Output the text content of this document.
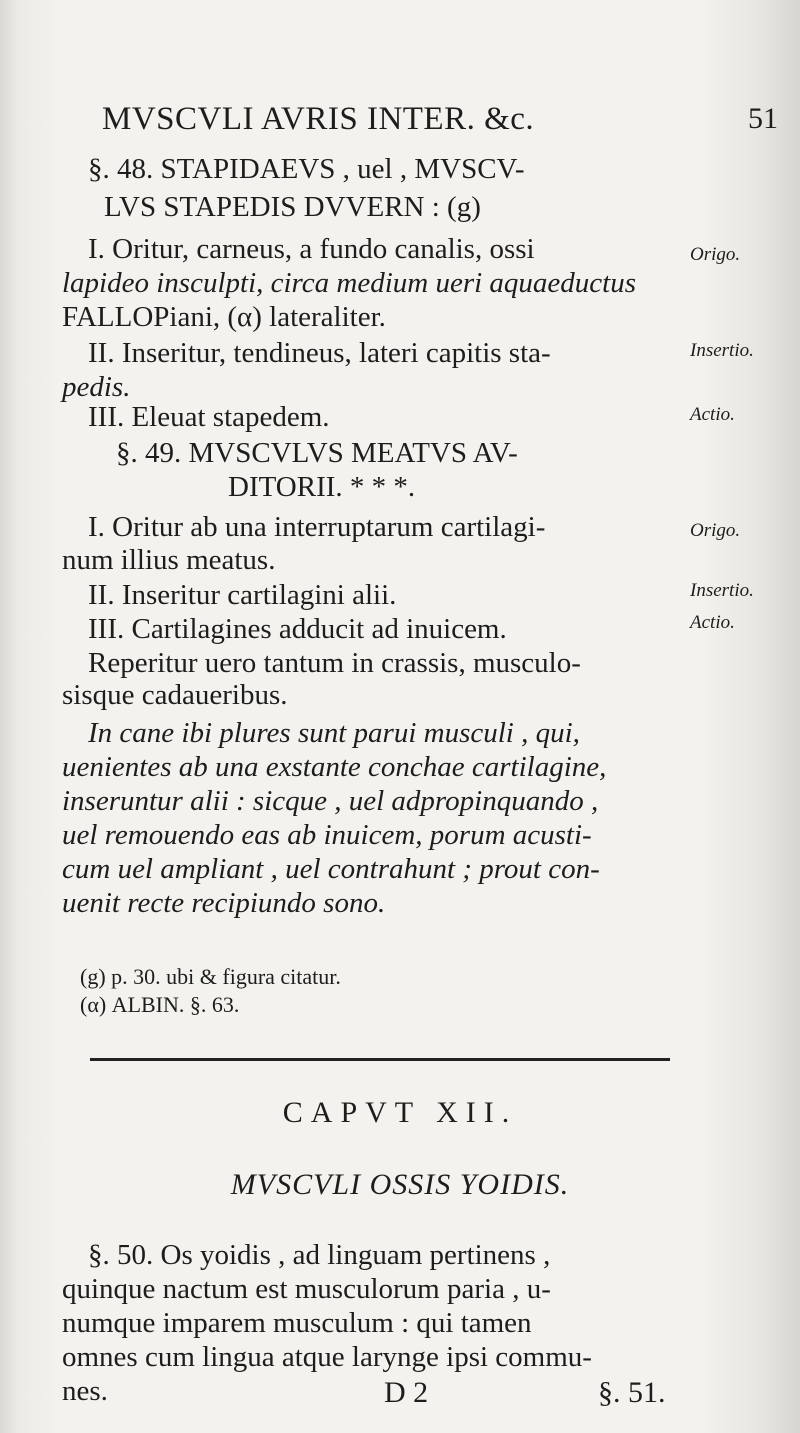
MVSCVLI AVRIS INTER. &c.	51
§. 48. STAPIDAEVS , uel , MVSCV-
LVS STAPEDIS DVVERN : (g)
I. Oritur, carneus, a fundo canalis, ossi
lapideo insculpti, circa medium ueri aquaeductus
FALLOPiani, (α) lateraliter.
II. Inseritur, tendineus, lateri capitis sta-
pedis.
III. Eleuat stapedem.
Origo.
Insertio.
Actio.
§. 49. MVSCVLVS MEATVS AV-
DITORII. * * *.
I. Oritur ab una interruptarum cartilagi-
num illius meatus.
II. Inseritur cartilagini alii.
III. Cartilagines adducit ad inuicem.
Reperitur uero tantum in crassis, musculo-
sisque cadaueribus.
In cane ibi plures sunt parui musculi , qui,
uenientes ab una exstante conchae cartilagine,
inseruntur alii : sicque , uel adpropinquando ,
uel remouendo eas ab inuicem, porum acusti-
cum uel ampliant , uel contrahunt ; prout con-
uenit recte recipiundo sono.
Origo.
Insertio.
Actio.
(g) p. 30. ubi & figura citatur.
(α) ALBIN. §. 63.
CAPVT XII.
MVSCVLI OSSIS YOIDIS.
§. 50. Os yoidis , ad linguam pertinens ,
quinque nactum est musculorum paria , u-
numque imparem musculum : qui tamen
omnes cum lingua atque larynge ipsi commu-
nes.	D 2	§. 51.
